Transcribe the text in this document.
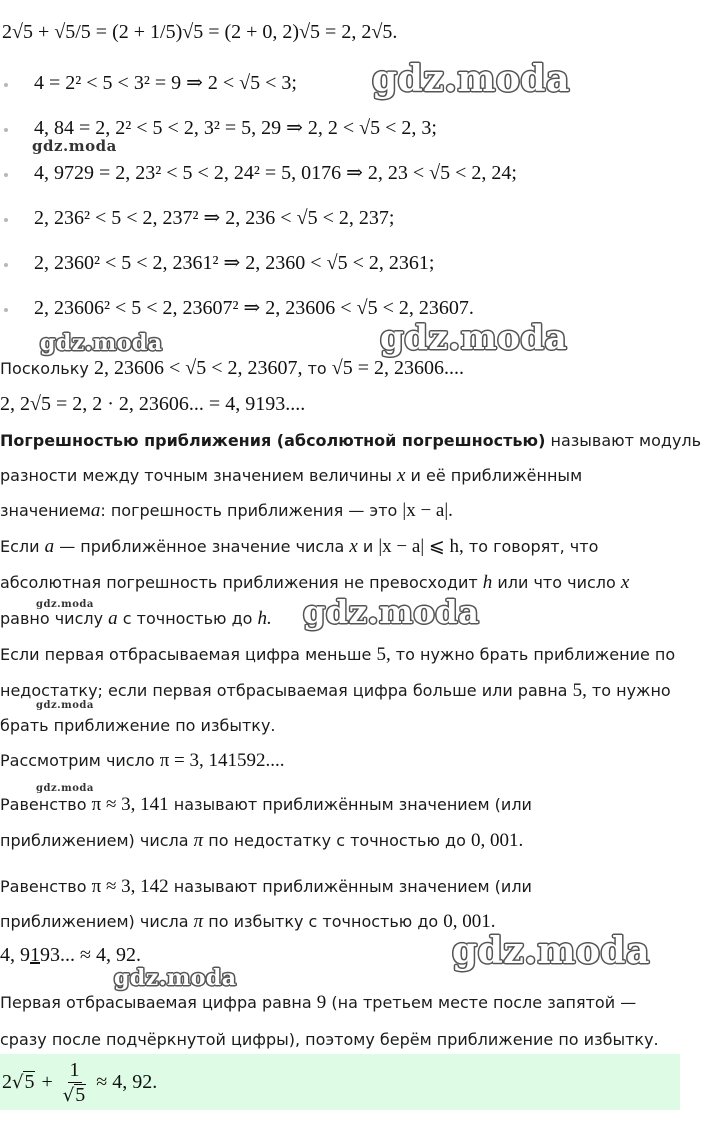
2√5 + √5/5 = (2 + 1/5)√5 = (2 + 0, 2)√5 = 2, 2√5.
4 = 2² < 5 < 3² = 9 ⇒ 2 < √5 < 3;
4, 84 = 2, 2² < 5 < 2, 3² = 5, 29 ⇒ 2, 2 < √5 < 2, 3;
4, 9729 = 2, 23² < 5 < 2, 24² = 5, 0176 ⇒ 2, 23 < √5 < 2, 24;
2, 236² < 5 < 2, 237² ⇒ 2, 236 < √5 < 2, 237;
2, 2360² < 5 < 2, 2361² ⇒ 2, 2360 < √5 < 2, 2361;
2, 23606² < 5 < 2, 23607² ⇒ 2, 23606 < √5 < 2, 23607.
Поскольку 2, 23606 < √5 < 2, 23607, то √5 = 2, 23606....
2, 2√5 = 2, 2 · 2, 23606... = 4, 9193....
Погрешностью приближения (абсолютной погрешностью) называют модуль
разности между точным значением величины x и её приближённым
значениемa: погрешность приближения — это |x − a|.
Если a — приближённое значение числа x и |x − a| ⩽ h, то говорят, что
абсолютная погрешность приближения не превосходит h или что число x
равно числу a с точностью до h.
Если первая отбрасываемая цифра меньше 5, то нужно брать приближение по
недостатку; если первая отбрасываемая цифра больше или равна 5, то нужно
брать приближение по избытку.
Рассмотрим число π = 3, 141592....
Равенство π ≈ 3, 141 называют приближённым значением (или
приближением) числа π по недостатку с точностью до 0, 001.
Равенство π ≈ 3, 142 называют приближённым значением (или
приближением) числа π по избытку с точностью до 0, 001.
4, 9193... ≈ 4, 92.
Первая отбрасываемая цифра равна 9 (на третьем месте после запятой —
сразу после подчёркнутой цифры), поэтому берём приближение по избытку.
2 √ $5 + \frac{1}{√5} \approx 4$, 92.
gdz.moda
gdz.moda
gdz.moda	gdz.moda
gdz.moda	gdz.moda
gdz.moda
gdz.moda
gdz.moda
gdz.moda
